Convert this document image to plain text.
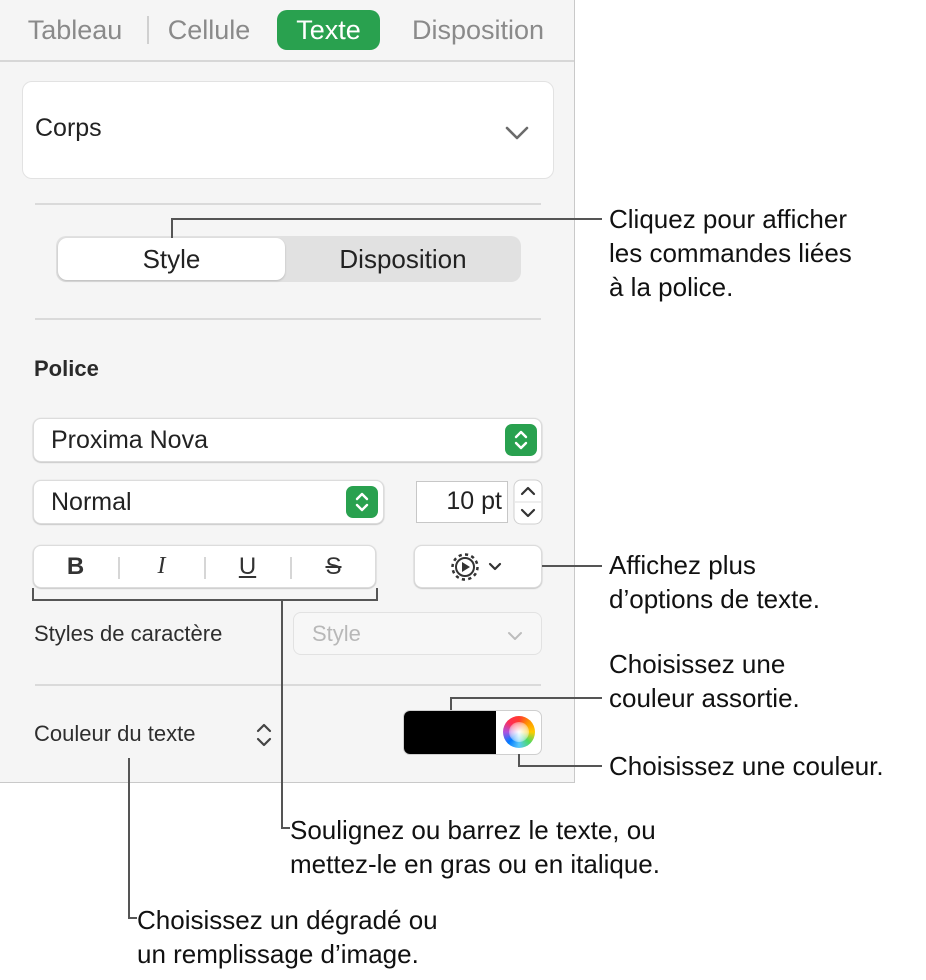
Tableau	Cellule	Texte	Disposition
Corps
Style	Disposition
Police
Proxima Nova
Normal	10 pt
B	I	U	S
Styles de caractère	Style
Couleur du texte
Cliquez pour afficher
les commandes liées
à la police.
Affichez plus
d’options de texte.
Choisissez une
couleur assortie.
Choisissez une couleur.
Soulignez ou barrez le texte, ou
mettez-le en gras ou en italique.
Choisissez un dégradé ou
un remplissage d’image.
